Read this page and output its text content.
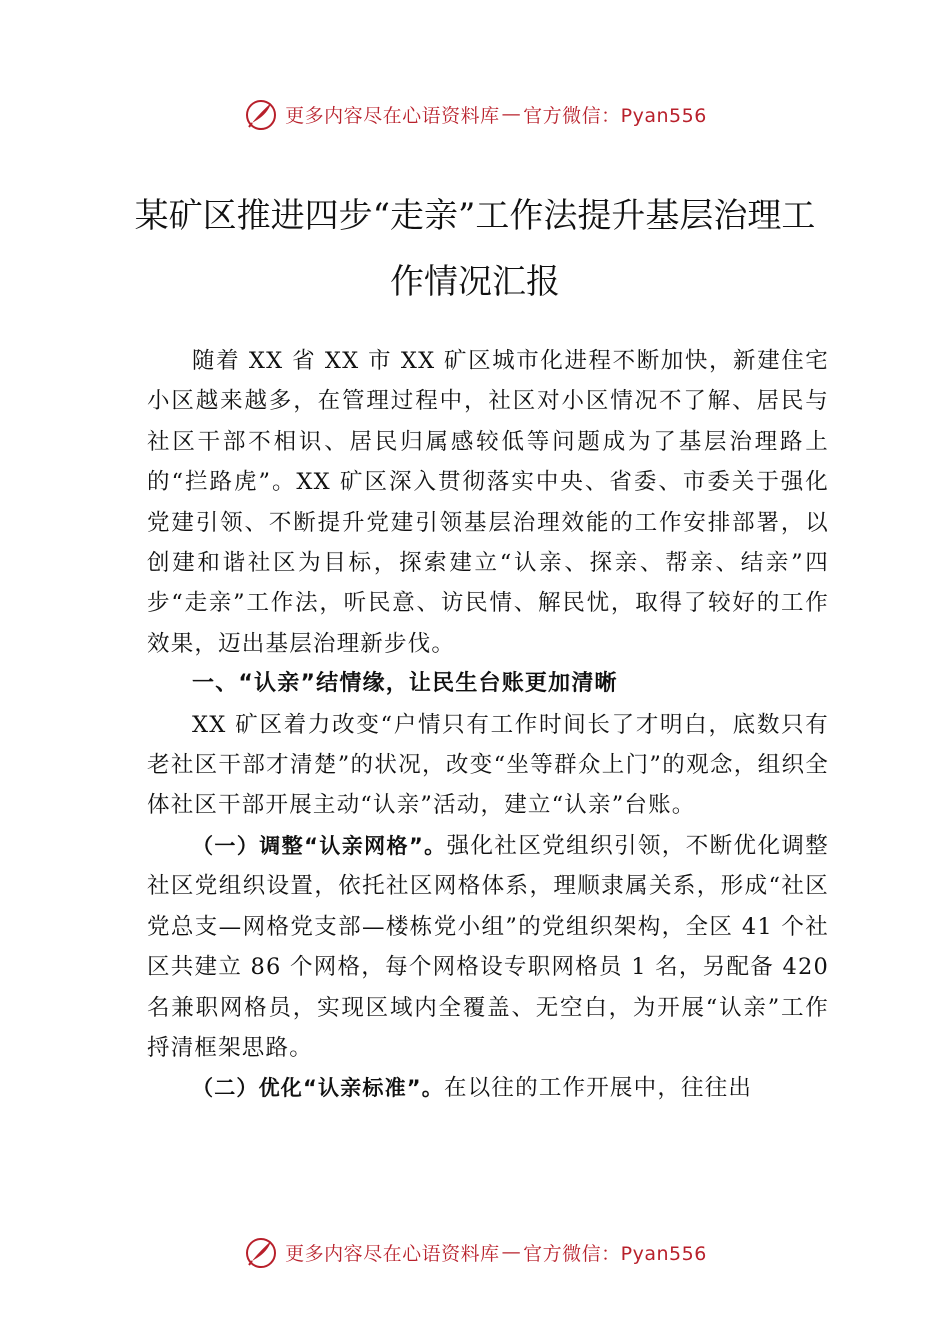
更多内容尽在心语资料库 — 官方微信：Pyan556
某矿区推进四步“走亲”工作法提升基层治理工作情况汇报

随着 XX 省 XX 市 XX 矿区城市化进程不断加快，新建住宅小区越来越多，在管理过程中，社区对小区情况不了解、居民与社区干部不相识、居民归属感较低等问题成为了基层治理路上的“拦路虎”。XX 矿区深入贯彻落实中央、省委、市委关于强化党建引领、不断提升党建引领基层治理效能的工作安排部署，以创建和谐社区为目标，探索建立“认亲、探亲、帮亲、结亲”四步“走亲”工作法，听民意、访民情、解民忧，取得了较好的工作效果，迈出基层治理新步伐。

一、“认亲”结情缘，让民生台账更加清晰

XX 矿区着力改变“户情只有工作时间长了才明白，底数只有老社区干部才清楚”的状况，改变“坐等群众上门”的观念，组织全体社区干部开展主动“认亲”活动，建立“认亲”台账。

（一）调整“认亲网格”。强化社区党组织引领，不断优化调整社区党组织设置，依托社区网格体系，理顺隶属关系，形成“社区党总支—网格党支部—楼栋党小组”的党组织架构，全区 41 个社区共建立 86 个网格，每个网格设专职网格员 1 名，另配备 420 名兼职网格员，实现区域内全覆盖、无空白，为开展“认亲”工作捋清框架思路。

（二）优化“认亲标准”。在以往的工作开展中，往往出

更多内容尽在心语资料库 — 官方微信：Pyan556
